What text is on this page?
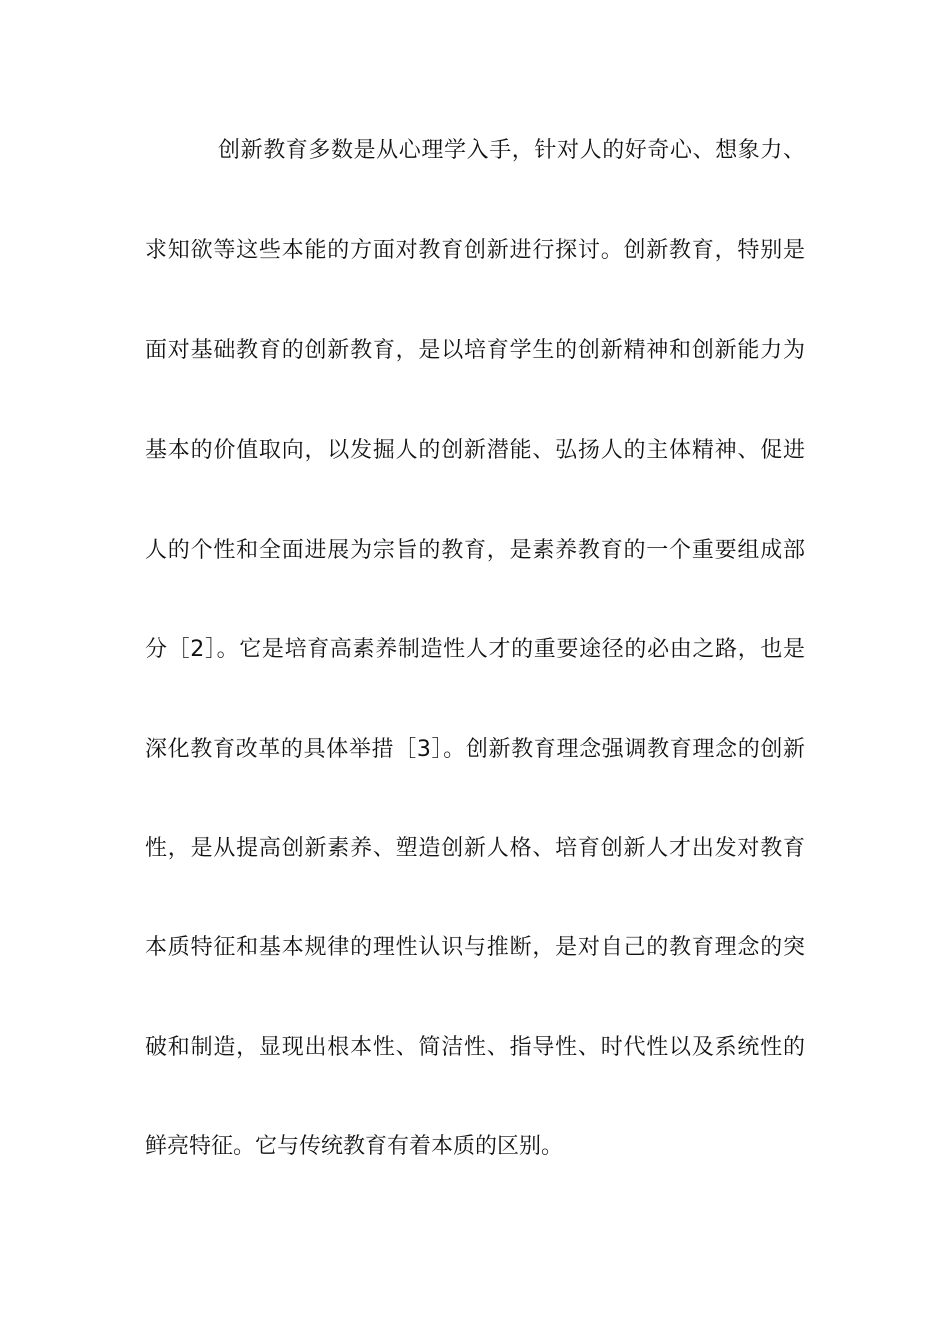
创新教育多数是从心理学入手，针对人的好奇心、想象力、
求知欲等这些本能的方面对教育创新进行探讨。创新教育，特别是
面对基础教育的创新教育，是以培育学生的创新精神和创新能力为
基本的价值取向，以发掘人的创新潜能、弘扬人的主体精神、促进
人的个性和全面进展为宗旨的教育，是素养教育的一个重要组成部
分［2］。它是培育高素养制造性人才的重要途径的必由之路，也是
深化教育改革的具体举措［3］。创新教育理念强调教育理念的创新
性，是从提高创新素养、塑造创新人格、培育创新人才出发对教育
本质特征和基本规律的理性认识与推断，是对自己的教育理念的突
破和制造，显现出根本性、简洁性、指导性、时代性以及系统性的
鲜亮特征。它与传统教育有着本质的区别。
